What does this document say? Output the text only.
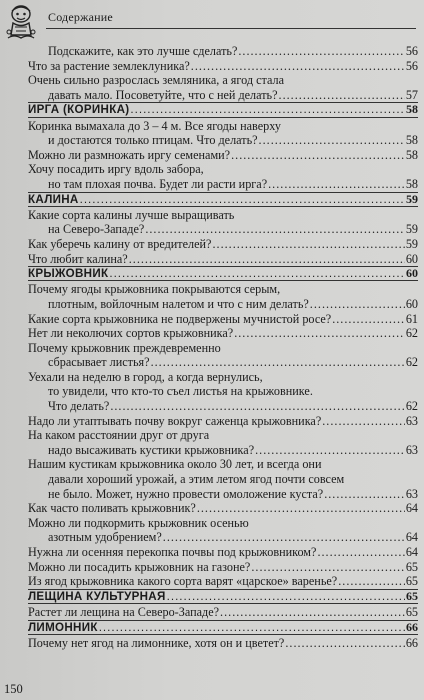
Содержание
Подскажите, как это лучше сделать? .....	56
Что за растение землеклуника? .....	56
Очень сильно разрослась земляника, а ягод стала
давать мало. Посоветуйте, что с ней делать? .....	57
ИРГА (КОРИНКА) .....	58
Коринка вымахала до 3 – 4 м. Все ягоды наверху
и достаются только птицам. Что делать? .....	58
Можно ли размножать иргу семенами? .....	58
Хочу посадить иргу вдоль забора,
но там плохая почва. Будет ли расти ирга? .....	58
КАЛИНА .....	59
Какие сорта калины лучше выращивать
на Северо-Западе? .....	59
Как уберечь калину от вредителей? .....	59
Что любит калина? .....	60
КРЫЖОВНИК .....	60
Почему ягоды крыжовника покрываются серым,
плотным, войлочным налетом и что с ним делать? .....	60
Какие сорта крыжовника не подвержены мучнистой росе? .....	61
Нет ли неколючих сортов крыжовника? .....	62
Почему крыжовник преждевременно
сбрасывает листья? .....	62
Уехали на неделю в город, а когда вернулись,
то увидели, что кто-то съел листья на крыжовнике.
Что делать? .....	62
Надо ли утаптывать почву вокруг саженца крыжовника? .....	63
На каком расстоянии друг от друга
надо высаживать кустики крыжовника? .....	63
Нашим кустикам крыжовника около 30 лет, и всегда они
давали хороший урожай, а этим летом ягод почти совсем
не было. Может, нужно провести омоложение куста? .....	63
Как часто поливать крыжовник? .....	64
Можно ли подкормить крыжовник осенью
азотным удобрением? .....	64
Нужна ли осенняя перекопка почвы под крыжовником? .....	64
Можно ли посадить крыжовник на газоне? .....	65
Из ягод крыжовника какого сорта варят «царское» варенье? .....	65
ЛЕЩИНА КУЛЬТУРНАЯ .....	65
Растет ли лещина на Северо-Западе? .....	65
ЛИМОННИК .....	66
Почему нет ягод на лимоннике, хотя он и цветет? .....	66
150
